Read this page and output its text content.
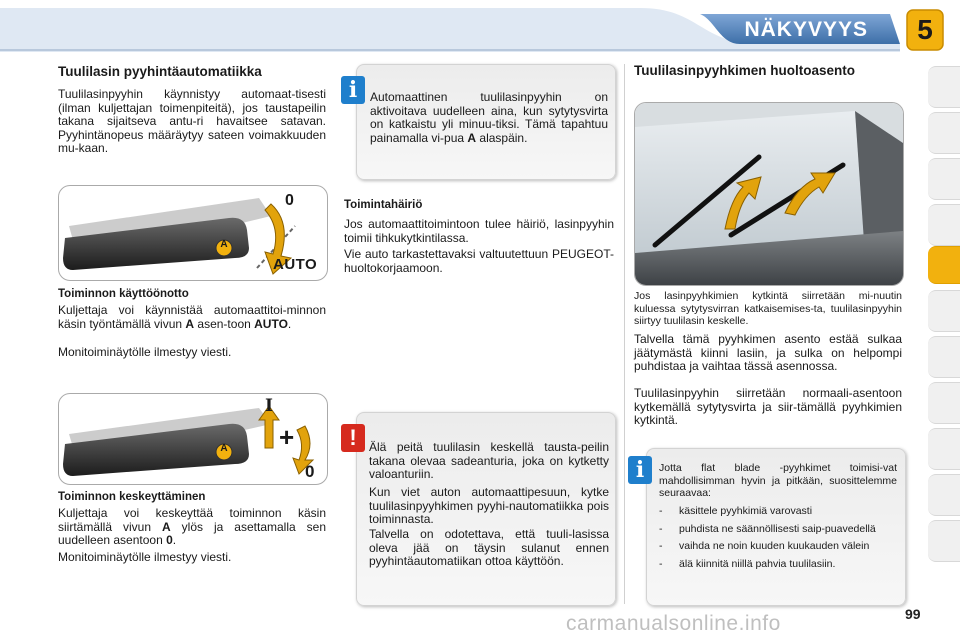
NÄKYVYYS	5
Tuulilasin pyyhintäautomatiikka
Tuulilasinpyyhin käynnistyy automaat-tisesti (ilman kuljettajan toimenpiteitä), jos taustapeilin takana sijaitseva antu-ri havaitsee satavan. Pyyhintänopeus määräytyy sateen voimakkuuden mu-kaan.
A
0
AUTO
Toiminnon käyttöönotto
Kuljettaja voi käynnistää automaattitoi-minnon käsin työntämällä vivun A asen-toon AUTO.
Monitoiminäytölle ilmestyy viesti.
A
I
+
0
Toiminnon keskeyttäminen
Kuljettaja voi keskeyttää toiminnon käsin siirtämällä vivun A ylös ja asettamalla sen uudelleen asentoon 0.
Monitoiminäytölle ilmestyy viesti.
Automaattinen tuulilasinpyyhin on aktivoitava uudelleen aina, kun sytytysvirta on katkaistu yli minuu-tiksi. Tämä tapahtuu painamalla vi-pua A alaspäin.
i
Toimintahäiriö
Jos automaattitoimintoon tulee häiriö, lasinpyyhin toimii tihkukytkintilassa.
Vie auto tarkastettavaksi valtuutettuun PEUGEOT-huoltokorjaamoon.
Älä peitä tuulilasin keskellä tausta-peilin takana olevaa sadeanturia, joka on kytketty valoanturiin.
Kun viet auton automaattipesuun, kytke tuulilasinpyyhkimen pyyhi-nautomatiikka pois toiminnasta.
Talvella on odotettava, että tuuli-lasissa oleva jää on täysin sulanut ennen pyyhintäautomatiikan ottoa käyttöön.
!
Tuulilasinpyyhkimen huoltoasento
Jos lasinpyyhkimien kytkintä siirretään mi-nuutin kuluessa sytytysvirran katkaisemises-ta, tuulilasinpyyhin siirtyy tuulilasin keskelle.
Talvella tämä pyyhkimen asento estää sulkaa jäätymästä kiinni lasiin, ja sulka on helpompi puhdistaa ja vaihtaa tässä asennossa.
Tuulilasinpyyhin siirretään normaali-asentoon kytkemällä sytytysvirta ja siir-tämällä pyyhkimien kytkintä.
Jotta flat blade -pyyhkimet toimisi-vat mahdollisimman hyvin ja pitkään, suosittelemme seuraavaa:
- käsittele pyyhkimiä varovasti
- puhdista ne säännöllisesti saip-puavedellä
- vaihda ne noin kuuden kuukauden välein
- älä kiinnitä niillä pahvia tuulilasiin.
i
carmanualsonline.info	99
